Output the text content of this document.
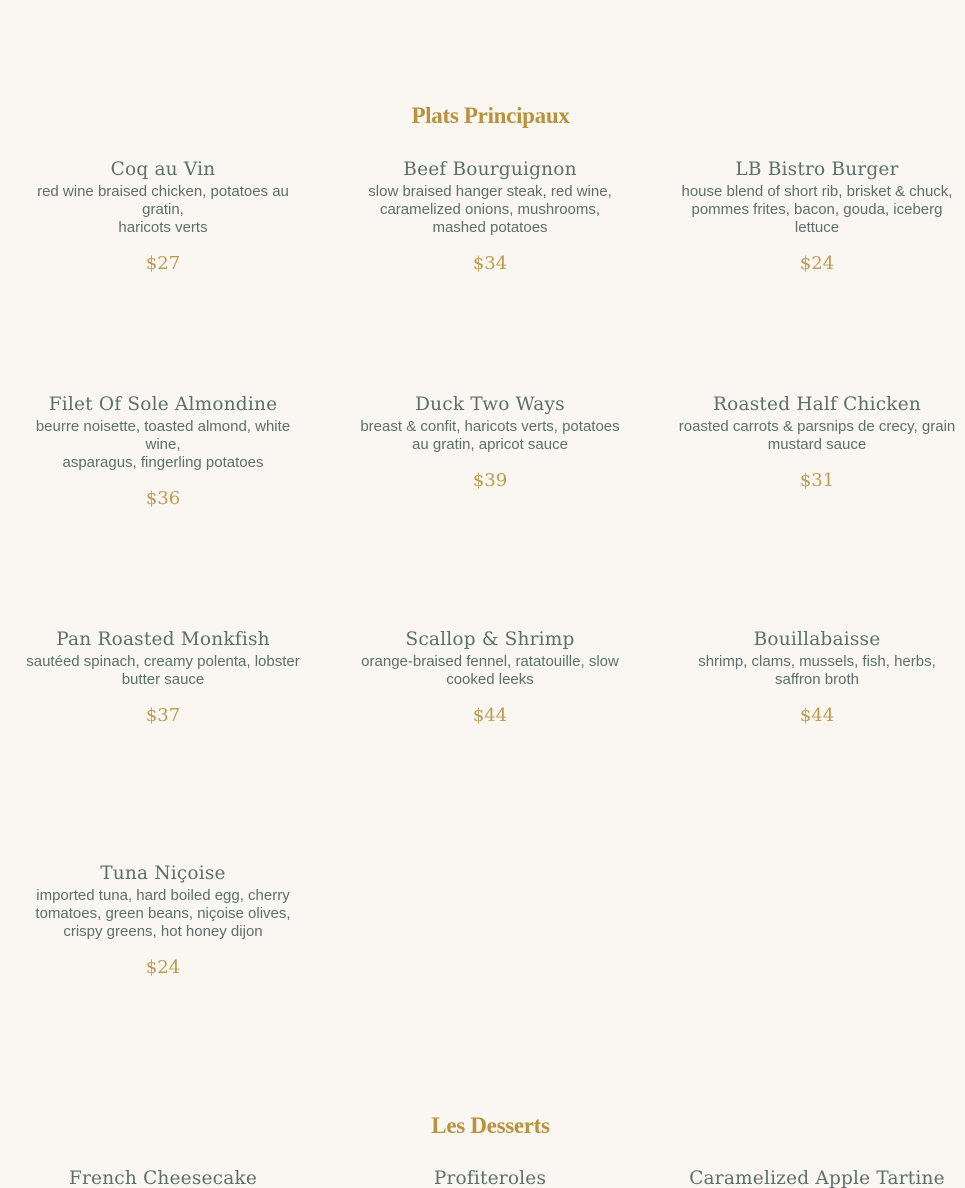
Plats Principaux
Coq au Vin
red wine braised chicken, potatoes au
gratin,
haricots verts
$27
Beef Bourguignon
slow braised hanger steak, red wine,
caramelized onions, mushrooms,
mashed potatoes
$34
LB Bistro Burger
house blend of short rib, brisket & chuck,
pommes frites, bacon, gouda, iceberg
lettuce
$24
Filet Of Sole Almondine
beurre noisette, toasted almond, white
wine,
asparagus, fingerling potatoes
$36
Duck Two Ways
breast & confit, haricots verts, potatoes
au gratin, apricot sauce
$39
Roasted Half Chicken
roasted carrots & parsnips de crecy, grain
mustard sauce
$31
Pan Roasted Monkfish
sautéed spinach, creamy polenta, lobster
butter sauce
$37
Scallop & Shrimp
orange-braised fennel, ratatouille, slow
cooked leeks
$44
Bouillabaisse
shrimp, clams, mussels, fish, herbs,
saffron broth
$44
Tuna Niçoise
imported tuna, hard boiled egg, cherry
tomatoes, green beans, niçoise olives,
crispy greens, hot honey dijon
$24
Les Desserts
French Cheesecake	Profiteroles	Caramelized Apple Tartine
